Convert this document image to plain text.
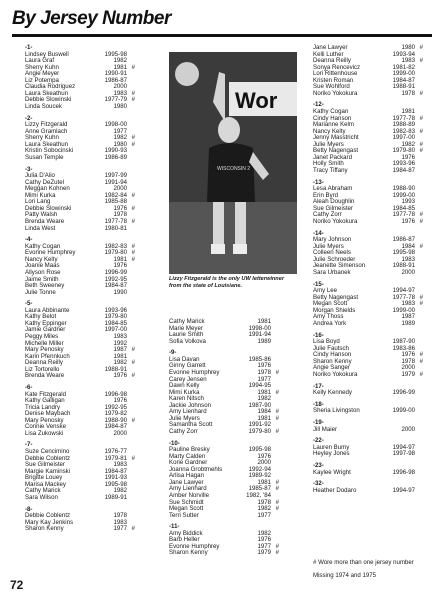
By Jersey Number
-1-
Lindsey Buswell	1995-98
Laura Graf	1982
Sherry Kuhn	1981 #
Angie Meyer	1990-91
Liz Potempa	1986-87
Claudia Rodriguez	2000
Laura Skeathun	1983 #
Debbie Slowinski	1977-79 #
Linda Soucek	1980
-2-
Lizzy Fitzgerald	1998-00
Anne Gramlach	1977
Sherry Kuhn	1982 #
Laura Skeathun	1980 #
Kristin Sobocinski	1990-93
Susan Temple	1986-89
-3-
Julia D'Alio	1997-99
Cathy DeZutel	1991-94
Meggan Kohnen	2000
Mimi Kurka	1982-84 #
Lori Lang	1985-88
Debbie Slowinski	1976 #
Patty Walsh	1978
Brenda Weare	1977-78 #
Linda West	1980-81
-4-
Kathy Cogan	1982-83 #
Evonne Humphrey	1979-80 #
Nancy Kelty	1981 #
Joanie Maas	1976
Allyson Rose	1996-99
Jaime Smith	1992-95
Beth Sweeney	1984-87
Julie Tonne	1990
-5-
Laura Abbinante	1993-96
Kathy Belot	1979-80
Kathy Eppinger	1984-85
Jamie Gardner	1997-00
Peggy Miles	1983
Michelle Miller	1992
Mary Penosky	1987 #
Karin Pfennkuch	1981
Deanna Reilly	1982 #
Liz Tortorello	1988-91
Brenda Weare	1976 #
-6-
Kate Fitzgerald	1996-98
Kathy Galligan	1976
Tricia Landry	1992-95
Denise Maybach	1979-82
Mary Penosky	1988-90 #
Connie Venske	1984-87
Lisa Zukowski	2000
-7-
Suze Cencimino	1976-77
Debbie Coblentz	1979-81 #
Sue Gilmeister	1983
Margie Kaminski	1984-87
Brigitte Louey	1991-93
Marisa Mackey	1995-98
Cathy Marick	1982
Sara Wilson	1989-91
-8-
Debbie Coblentz	1978
Mary Kay Jenkins	1983
Sharon Kenny	1977 #
Cathy Marick	1981
Marie Meyer	1998-00
Laurie Smith	1991-94
Sofia Volkova	1989
-9-
Lisa Davan	1985-86
Ginny Garrett	1976
Evonne Humphrey	1978 #
Carey Jensen	1977
Dawn Kelly	1994-95
Mimi Kurka	1981 #
Karen Nitsch	1982
Jackie Johnson	1987-90
Amy Lienhard	1984 #
Julie Myers	1981 #
Samantha Scott	1991-92
Cathy Zorr	1979-80 #
-10-
Pauline Bresky	1995-98
Marty Calden	1976
Korie Gardner	2000
Joanna Grobtmehls	1992-94
Arlisa Hagan	1989-92
Jane Lawyer	1981 #
Amy Lienhard	1985-87 #
Amber Norville	1982, '84
Sue Schmidt	1978 #
Megan Scott	1982 #
Terri Sutter	1977
-11-
Amy Biddick	1982
Barb Heller	1976
Evonne Humphrey	1977 #
Sharon Kenny	1979 #
Jane Lawyer	1980 #
Kelli Luther	1993-94
Deanna Reilly	1983 #
Sonya Rencevicz	1981-82
Lori Rittenhouse	1999-00
Kristen Roman	1984-87
Sue Wohlford	1988-91
Noriko Yokokura	1978 #
-12-
Kathy Cogan	1981
Cindy Hanson	1977-78 #
Marianne Kelm	1988-89
Nancy Kelty	1982-83 #
Jenny Masstricht	1997-00
Julie Myers	1982 #
Betty Nagengast	1979-80 #
Janet Packard	1976
Holly Smith	1993-96
Tracy Tiffany	1984-87
-13-
Lesa Abraham	1988-90
Erin Byrd	1999-00
Aleah Doughlin	1993
Sue Gilmeister	1984-85
Cathy Zorr	1977-78 #
Noriko Yokokura	1976 #
-14-
Mary Johnson	1986-87
Julie Myers	1984 #
Colleen Neels	1995-98
Julie Schroeder	1983
Jeanette Simenson	1988-91
Sara Urbanek	2000
-15-
Amy Lee	1994-97
Betty Nagengast	1977-78 #
Megan Scott	1983 #
Morgan Shields	1999-00
Amy Thoss	1987
Andrea York	1989
-16-
Lisa Boyd	1987-90
Julie Fautsch	1983-86
Cindy Hanson	1976 #
Sharon Kenny	1978 #
Angie Sanger	2000
Noriko Yokokura	1979 #
-17-
Kelly Kennedy	1996-99
-18-
Sheria Livingston	1999-00
-19-
Jill Maier	2000
-22-
Lauren Bumy	1994-97
Heyley Jones	1997-98
-23-
Kaylee Wright	1996-98
-32-
Heather Dodaro	1994-97
Wor
WISCONSIN 2
Lizzy Fitzgerald is the only UW letterwinner from the state of Louisiane.
# Wore more than one jersey number
Missing 1974 and 1975
72
